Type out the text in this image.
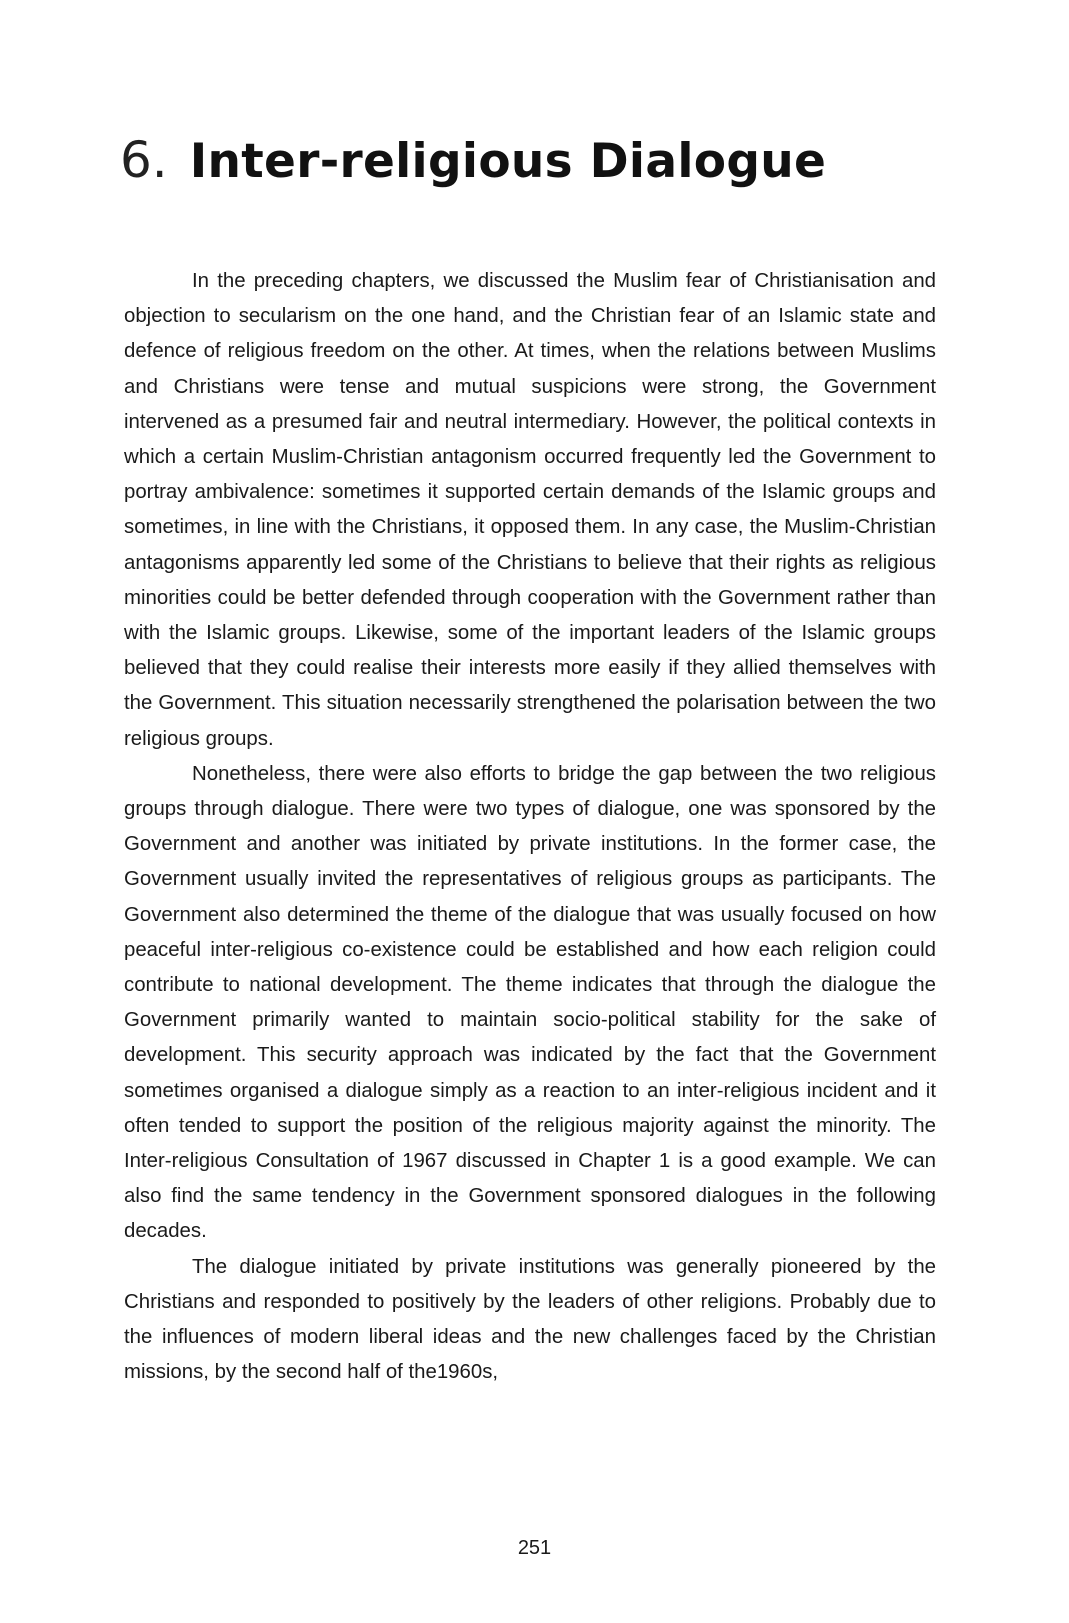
6. Inter-religious Dialogue

In the preceding chapters, we discussed the Muslim fear of Christianisation and objection to secularism on the one hand, and the Christian fear of an Islamic state and defence of religious freedom on the other. At times, when the relations between Muslims and Christians were tense and mutual suspicions were strong, the Government intervened as a presumed fair and neutral intermediary. However, the political contexts in which a certain Muslim-Christian antagonism occurred frequently led the Government to portray ambivalence: sometimes it supported certain demands of the Islamic groups and sometimes, in line with the Christians, it opposed them. In any case, the Muslim-Christian antagonisms apparently led some of the Christians to believe that their rights as religious minorities could be better defended through cooperation with the Government rather than with the Islamic groups. Likewise, some of the important leaders of the Islamic groups believed that they could realise their interests more easily if they allied themselves with the Government. This situation necessarily strengthened the polarisation between the two religious groups.

Nonetheless, there were also efforts to bridge the gap between the two religious groups through dialogue. There were two types of dialogue, one was sponsored by the Government and another was initiated by private institutions. In the former case, the Government usually invited the representatives of religious groups as participants. The Government also determined the theme of the dialogue that was usually focused on how peaceful inter-religious co-existence could be established and how each religion could contribute to national development. The theme indicates that through the dialogue the Government primarily wanted to maintain socio-political stability for the sake of development. This security approach was indicated by the fact that the Government sometimes organised a dialogue simply as a reaction to an inter-religious incident and it often tended to support the position of the religious majority against the minority. The Inter-religious Consultation of 1967 discussed in Chapter 1 is a good example. We can also find the same tendency in the Government sponsored dialogues in the following decades.

The dialogue initiated by private institutions was generally pioneered by the Christians and responded to positively by the leaders of other religions. Probably due to the influences of modern liberal ideas and the new challenges faced by the Christian missions, by the second half of the1960s,

251
